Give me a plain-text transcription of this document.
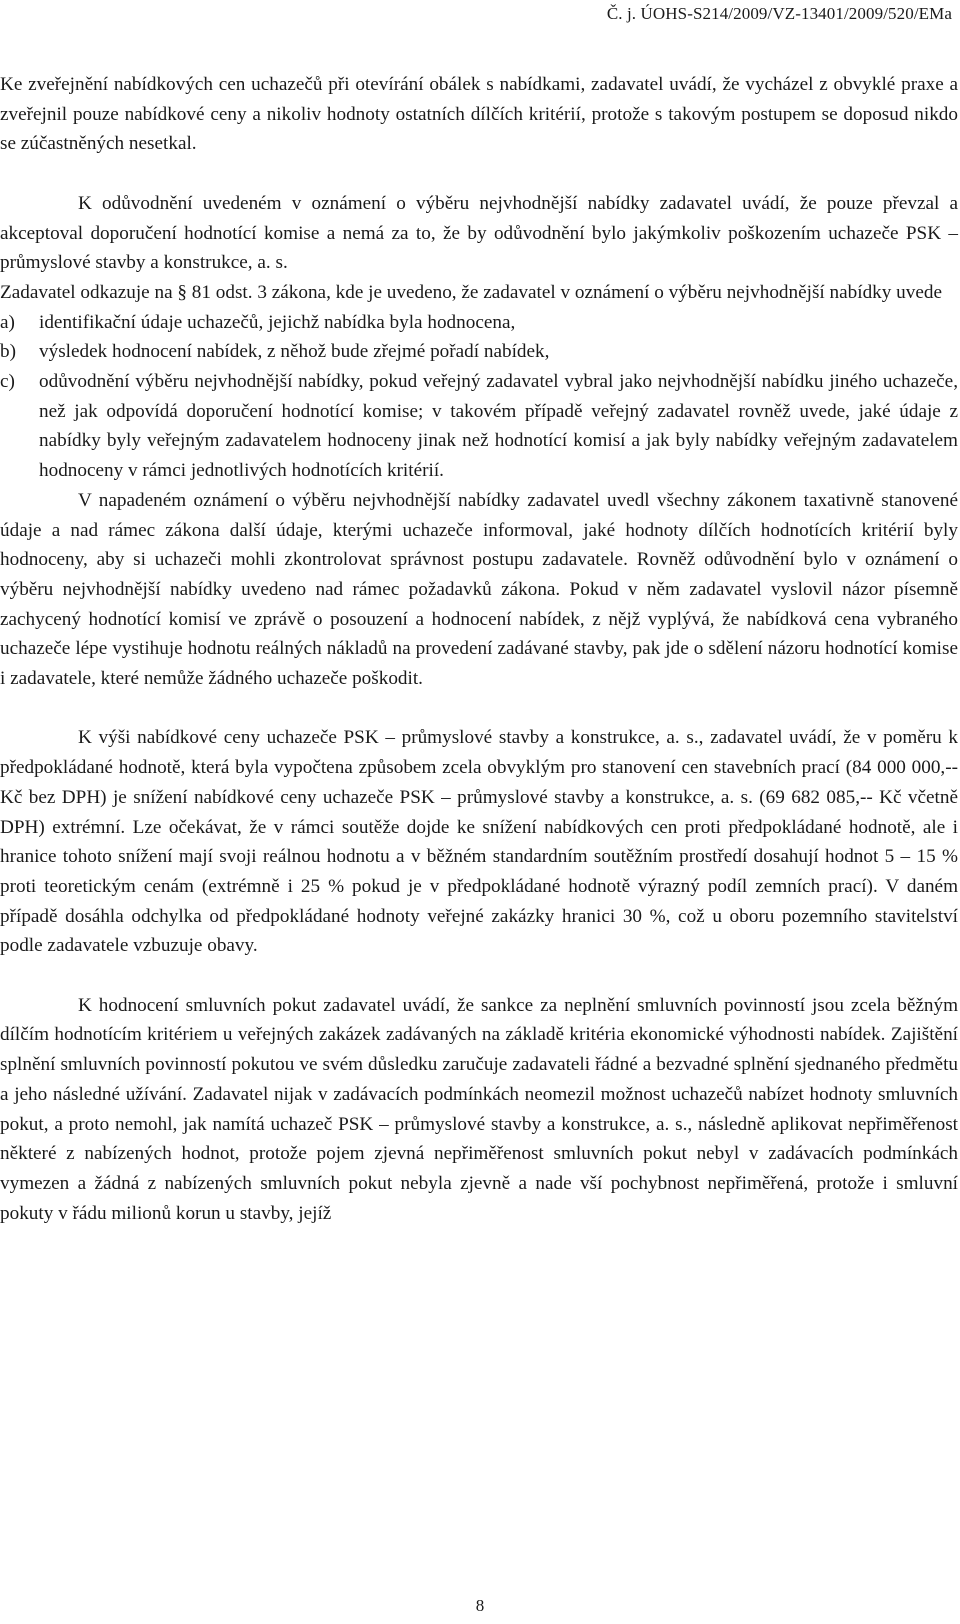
Č. j. ÚOHS-S214/2009/VZ-13401/2009/520/EMa

Ke zveřejnění nabídkových cen uchazečů při otevírání obálek s nabídkami, zadavatel uvádí, že vycházel z obvyklé praxe a zveřejnil pouze nabídkové ceny a nikoliv hodnoty ostatních dílčích kritérií, protože s takovým postupem se doposud nikdo se zúčastněných nesetkal.

K odůvodnění uvedeném v oznámení o výběru nejvhodnější nabídky zadavatel uvádí, že pouze převzal a akceptoval doporučení hodnotící komise a nemá za to, že by odůvodnění bylo jakýmkoliv poškozením uchazeče PSK – průmyslové stavby a konstrukce, a. s.

Zadavatel odkazuje na § 81 odst. 3 zákona, kde je uvedeno, že zadavatel v oznámení o výběru nejvhodnější nabídky uvede

a) identifikační údaje uchazečů, jejichž nabídka byla hodnocena,
b) výsledek hodnocení nabídek, z něhož bude zřejmé pořadí nabídek,
c) odůvodnění výběru nejvhodnější nabídky, pokud veřejný zadavatel vybral jako nejvhodnější nabídku jiného uchazeče, než jak odpovídá doporučení hodnotící komise; v takovém případě veřejný zadavatel rovněž uvede, jaké údaje z nabídky byly veřejným zadavatelem hodnoceny jinak než hodnotící komisí a jak byly nabídky veřejným zadavatelem hodnoceny v rámci jednotlivých hodnotících kritérií.

V napadeném oznámení o výběru nejvhodnější nabídky zadavatel uvedl všechny zákonem taxativně stanovené údaje a nad rámec zákona další údaje, kterými uchazeče informoval, jaké hodnoty dílčích hodnotících kritérií byly hodnoceny, aby si uchazeči mohli zkontrolovat správnost postupu zadavatele. Rovněž odůvodnění bylo v oznámení o výběru nejvhodnější nabídky uvedeno nad rámec požadavků zákona. Pokud v něm zadavatel vyslovil názor písemně zachycený hodnotící komisí ve zprávě o posouzení a hodnocení nabídek, z nějž vyplývá, že nabídková cena vybraného uchazeče lépe vystihuje hodnotu reálných nákladů na provedení zadávané stavby, pak jde o sdělení názoru hodnotící komise i zadavatele, které nemůže žádného uchazeče poškodit.

K výši nabídkové ceny uchazeče PSK – průmyslové stavby a konstrukce, a. s., zadavatel uvádí, že v poměru k předpokládané hodnotě, která byla vypočtena způsobem zcela obvyklým pro stanovení cen stavebních prací (84 000 000,-- Kč bez DPH) je snížení nabídkové ceny uchazeče PSK – průmyslové stavby a konstrukce, a. s. (69 682 085,-- Kč včetně DPH) extrémní. Lze očekávat, že v rámci soutěže dojde ke snížení nabídkových cen proti předpokládané hodnotě, ale i hranice tohoto snížení mají svoji reálnou hodnotu a v běžném standardním soutěžním prostředí dosahují hodnot 5 – 15 % proti teoretickým cenám (extrémně i 25 % pokud je v předpokládané hodnotě výrazný podíl zemních prací). V daném případě dosáhla odchylka od předpokládané hodnoty veřejné zakázky hranici 30 %, což u oboru pozemního stavitelství podle zadavatele vzbuzuje obavy.

K hodnocení smluvních pokut zadavatel uvádí, že sankce za neplnění smluvních povinností jsou zcela běžným dílčím hodnotícím kritériem u veřejných zakázek zadávaných na základě kritéria ekonomické výhodnosti nabídek. Zajištění splnění smluvních povinností pokutou ve svém důsledku zaručuje zadavateli řádné a bezvadné splnění sjednaného předmětu a jeho následné užívání. Zadavatel nijak v zadávacích podmínkách neomezil možnost uchazečů nabízet hodnoty smluvních pokut, a proto nemohl, jak namítá uchazeč PSK – průmyslové stavby a konstrukce, a. s., následně aplikovat nepřiměřenost některé z nabízených hodnot, protože pojem zjevná nepřiměřenost smluvních pokut nebyl v zadávacích podmínkách vymezen a žádná z nabízených smluvních pokut nebyla zjevně a nade vší pochybnost nepřiměřená, protože i smluvní pokuty v řádu milionů korun u stavby, jejíž

8
